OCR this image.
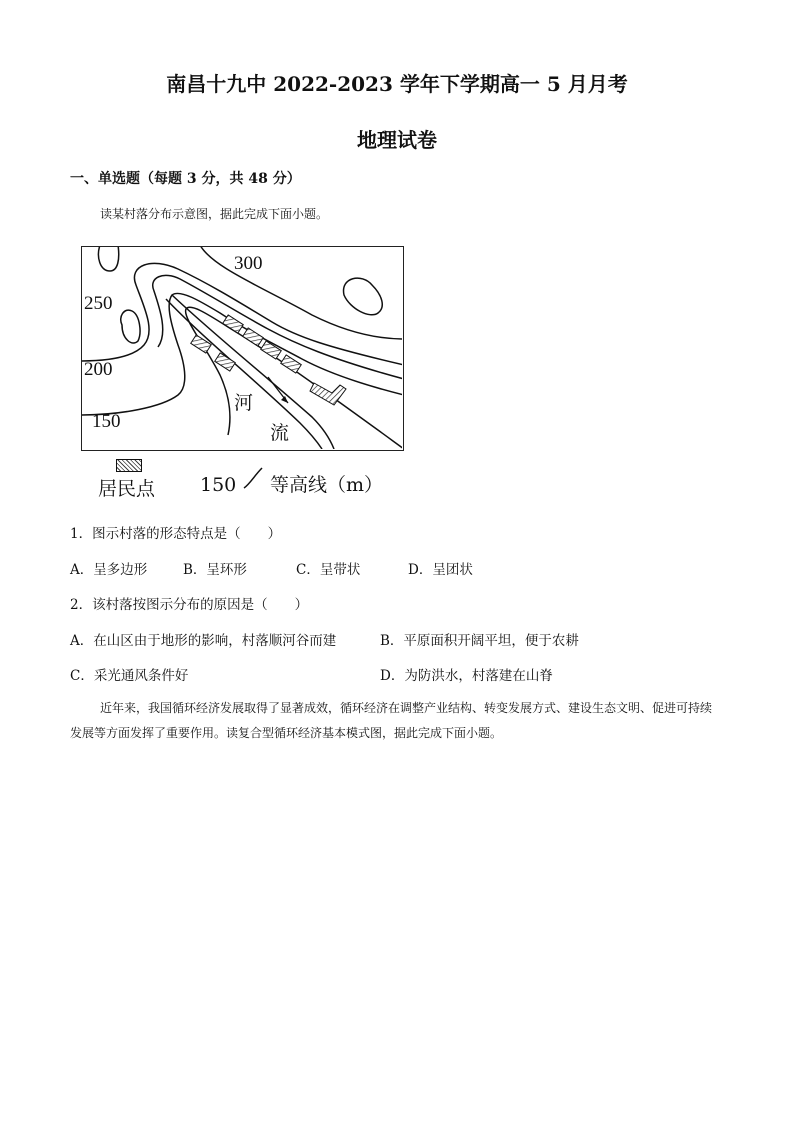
南昌十九中 2022-2023 学年下学期高一 5 月月考
地理试卷
一、单选题（每题 3 分，共 48 分）
读某村落分布示意图，据此完成下面小题。
300
250
200
150
河
流
居民点 150 等高线（m）
1．图示村落的形态特点是（　　）
A．呈多边形	B．呈环形	C．呈带状	D．呈团状
2．该村落按图示分布的原因是（　　）
A．在山区由于地形的影响，村落顺河谷而建	B．平原面积开阔平坦，便于农耕
C．采光通风条件好	D．为防洪水，村落建在山脊
近年来，我国循环经济发展取得了显著成效，循环经济在调整产业结构、转变发展方式、建设生态文明、促进可持续发展等方面发挥了重要作用。读复合型循环经济基本模式图，据此完成下面小题。
